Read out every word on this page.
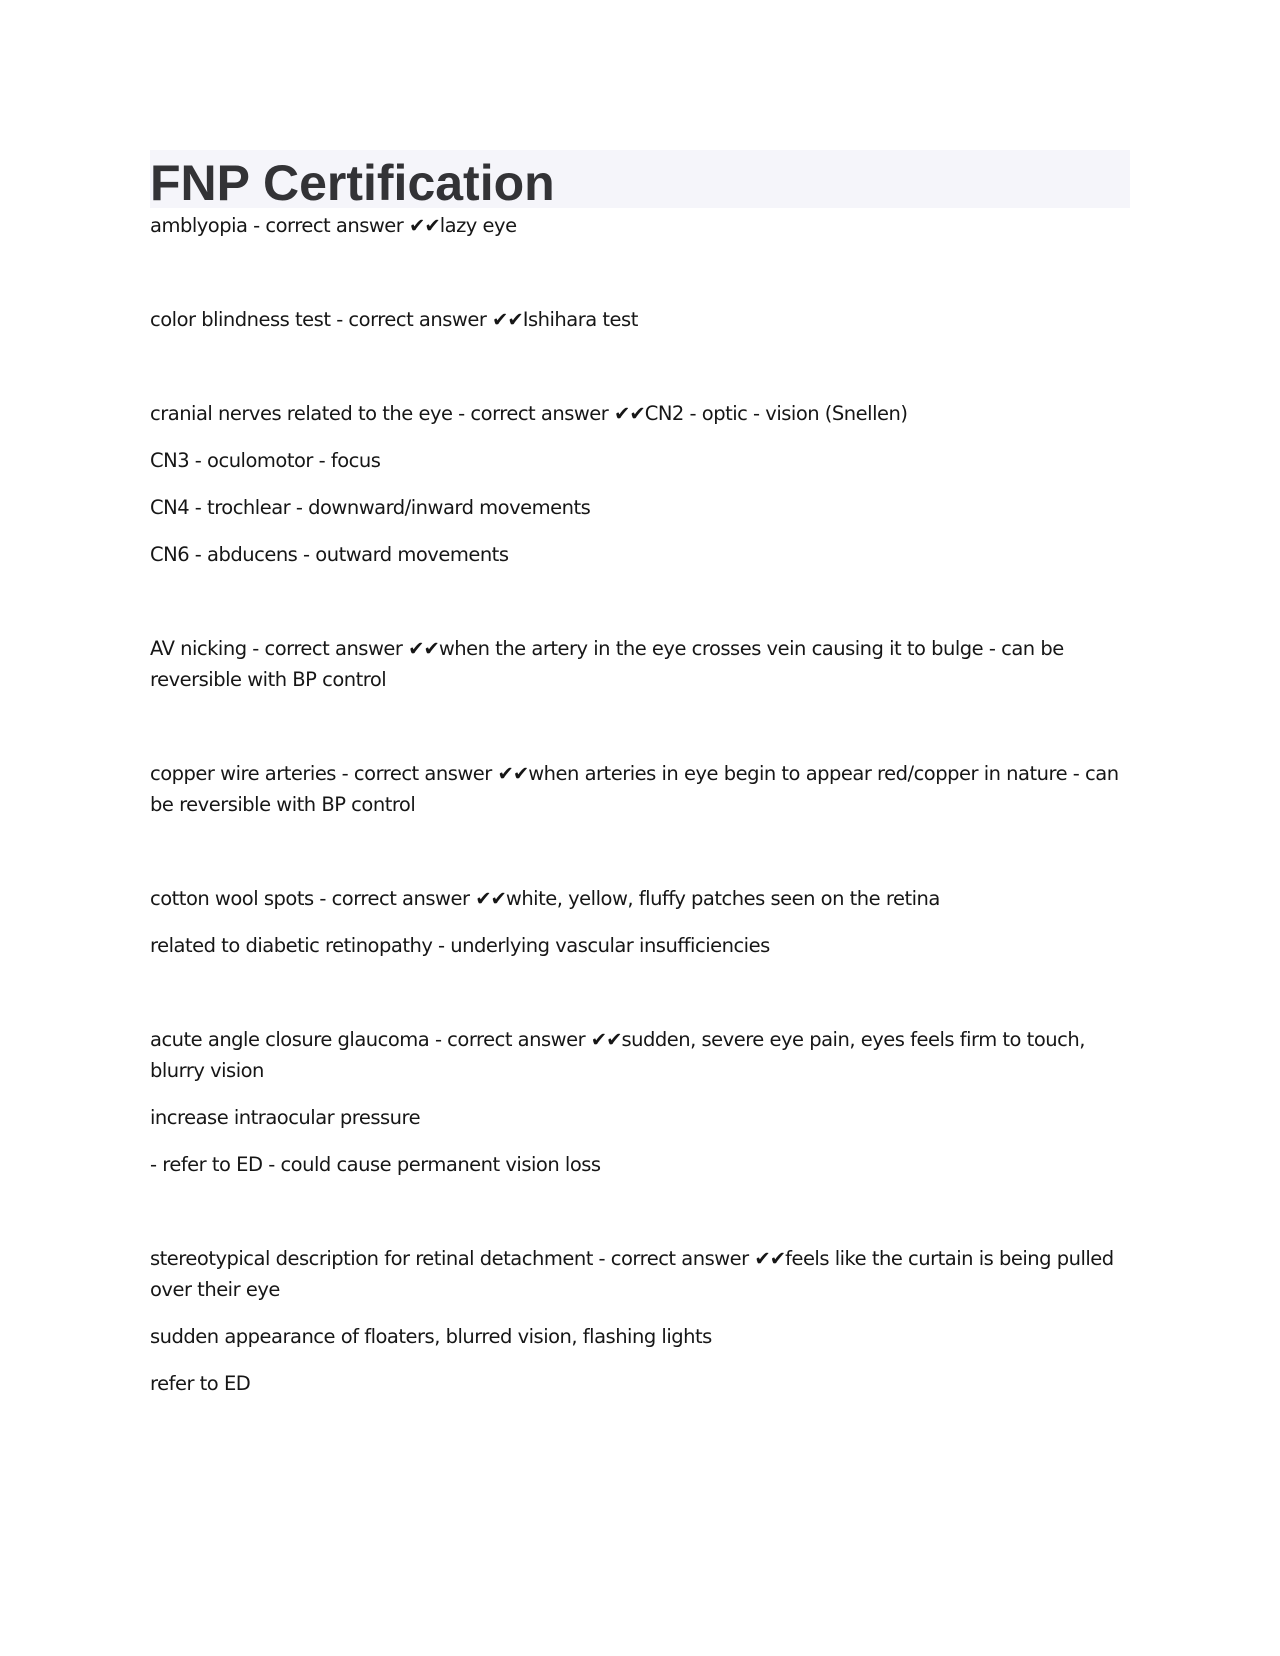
FNP Certification
amblyopia - correct answer ✔✔lazy eye
color blindness test - correct answer ✔✔Ishihara test
cranial nerves related to the eye - correct answer ✔✔CN2 - optic - vision (Snellen)
CN3 - oculomotor - focus
CN4 - trochlear - downward/inward movements
CN6 - abducens - outward movements
AV nicking - correct answer ✔✔when the artery in the eye crosses vein causing it to bulge - can be reversible with BP control
copper wire arteries - correct answer ✔✔when arteries in eye begin to appear red/copper in nature - can be reversible with BP control
cotton wool spots - correct answer ✔✔white, yellow, fluffy patches seen on the retina
related to diabetic retinopathy - underlying vascular insufficiencies
acute angle closure glaucoma - correct answer ✔✔sudden, severe eye pain, eyes feels firm to touch, blurry vision
increase intraocular pressure
- refer to ED - could cause permanent vision loss
stereotypical description for retinal detachment - correct answer ✔✔feels like the curtain is being pulled over their eye
sudden appearance of floaters, blurred vision, flashing lights
refer to ED
